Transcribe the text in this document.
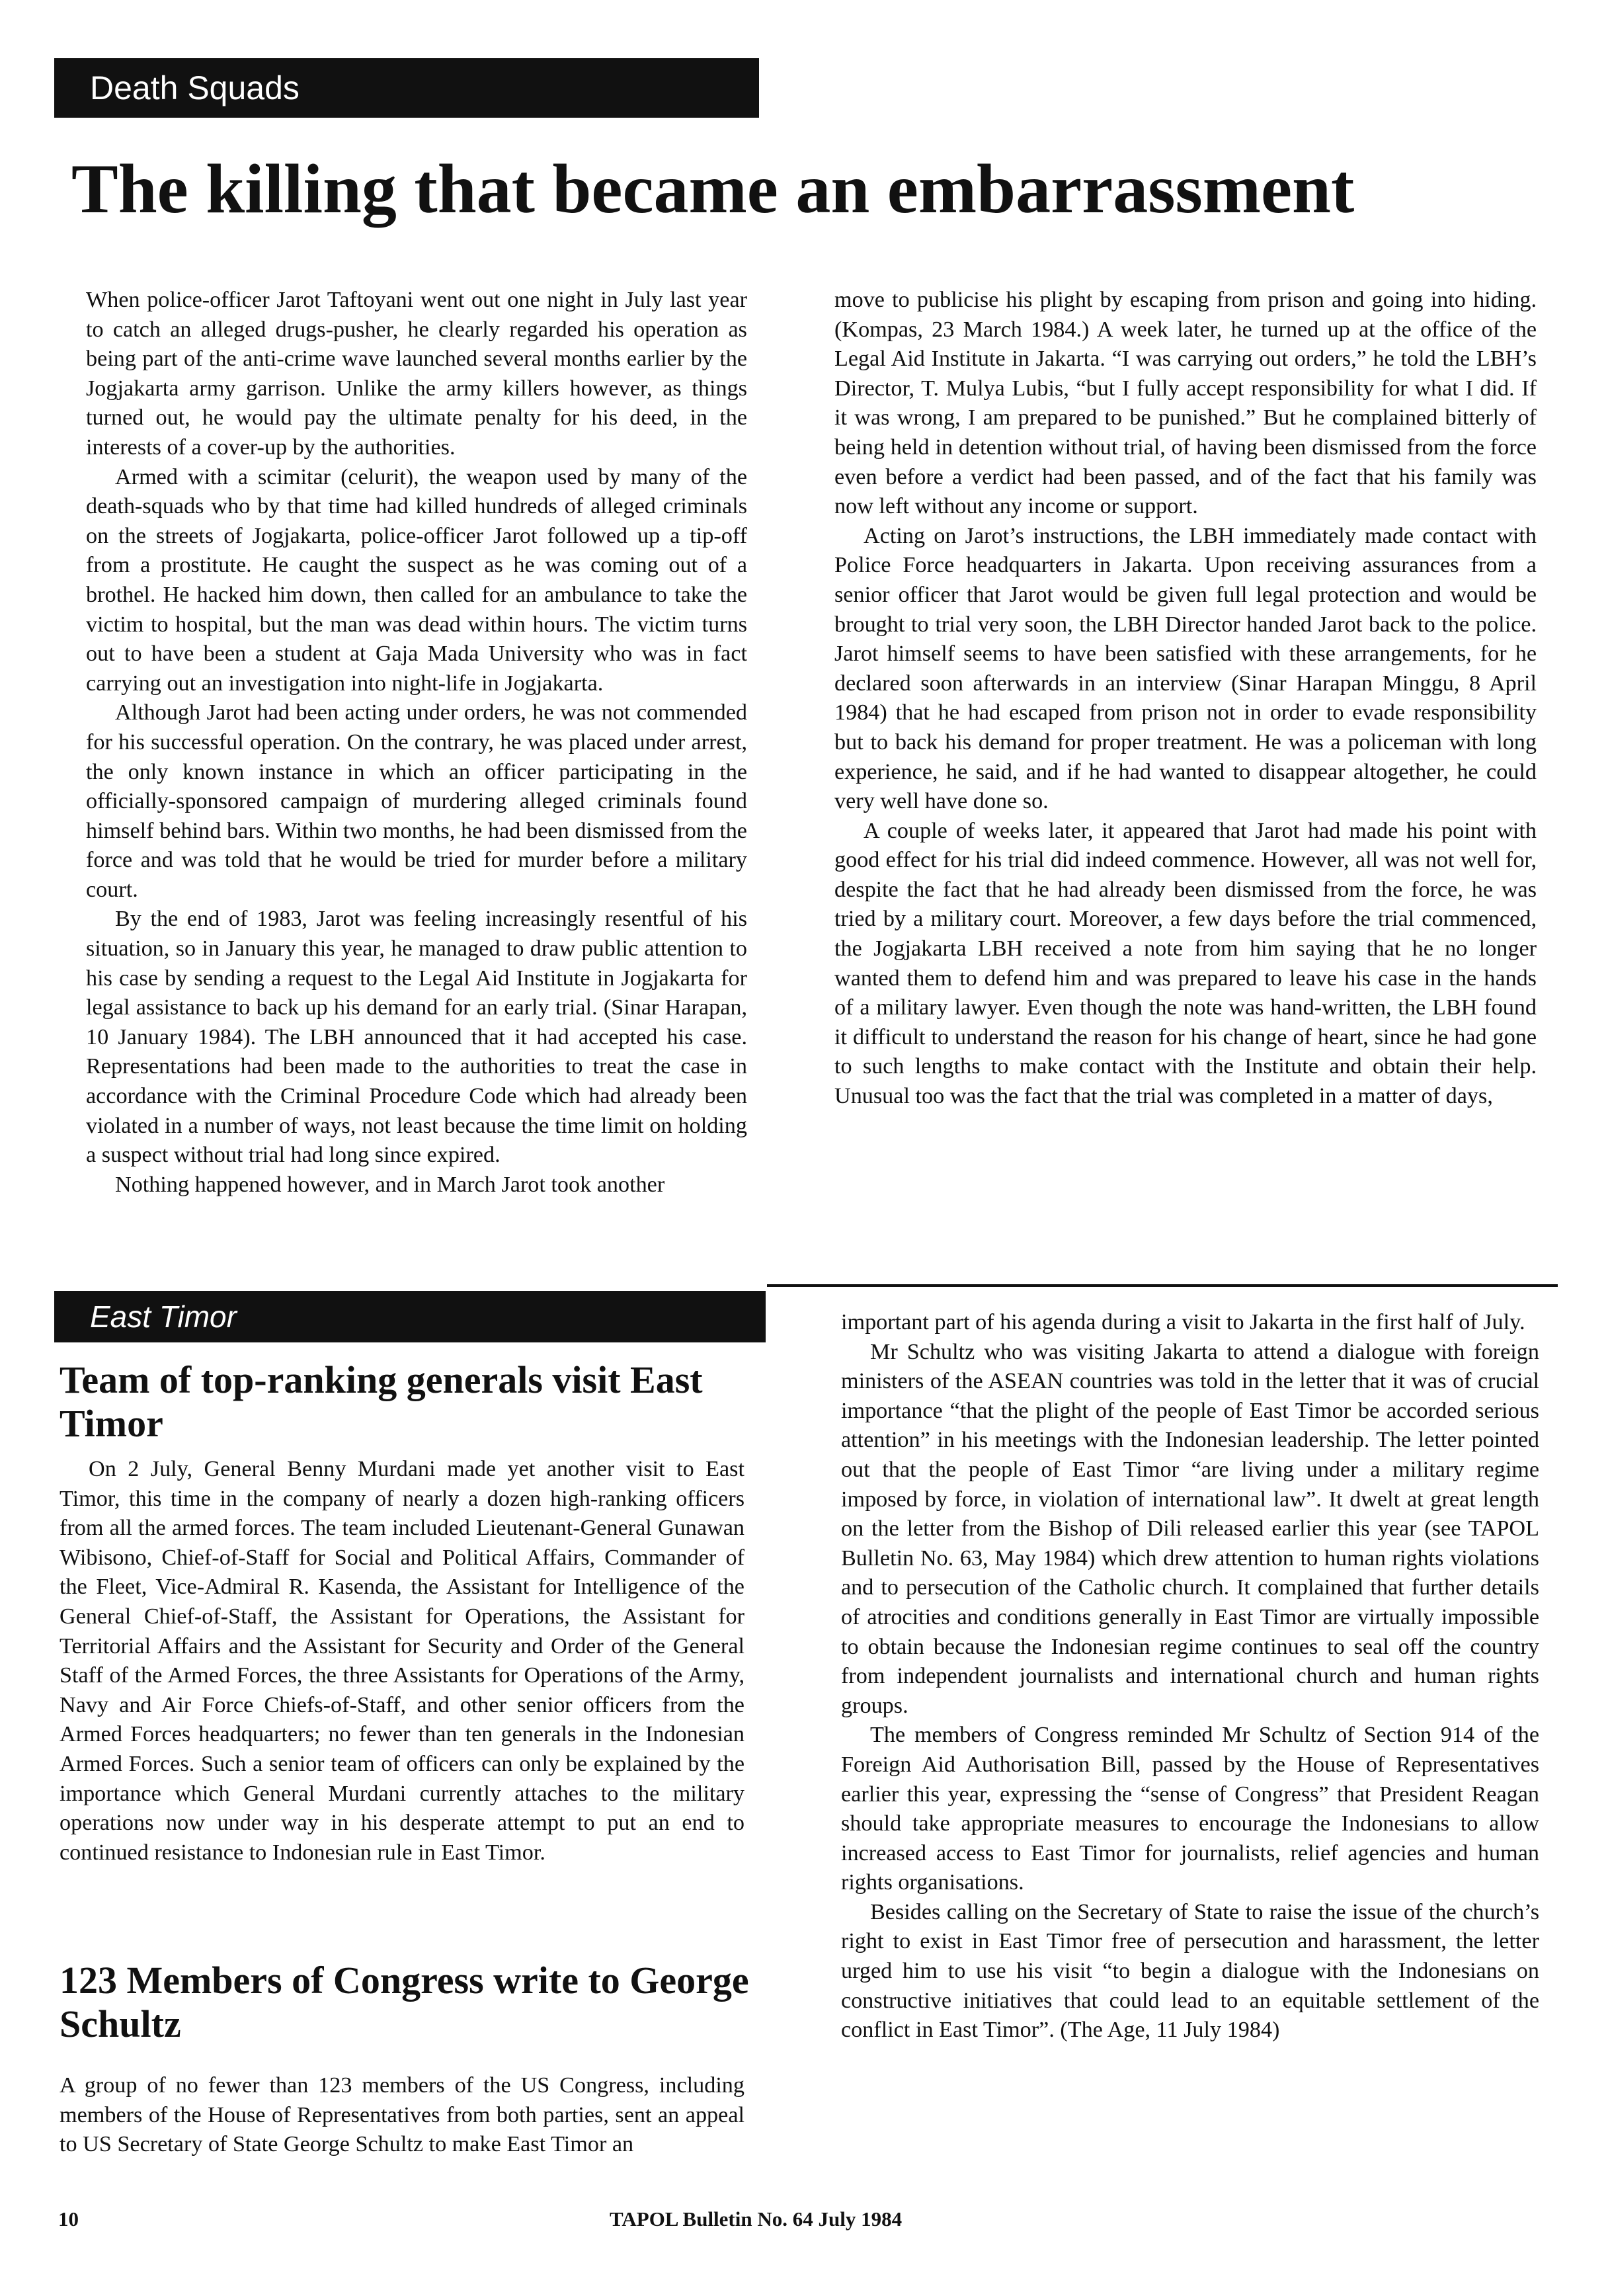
Death Squads
The killing that became an embarrassment

When police-officer Jarot Taftoyani went out one night in July last year to catch an alleged drugs-pusher, he clearly regarded his operation as being part of the anti-crime wave launched several months earlier by the Jogjakarta army garrison. Unlike the army killers however, as things turned out, he would pay the ultimate penalty for his deed, in the interests of a cover-up by the authorities.

Armed with a scimitar (celurit), the weapon used by many of the death-squads who by that time had killed hundreds of alleged criminals on the streets of Jogjakarta, police-officer Jarot followed up a tip-off from a prostitute. He caught the suspect as he was coming out of a brothel. He hacked him down, then called for an ambulance to take the victim to hospital, but the man was dead within hours. The victim turns out to have been a student at Gaja Mada University who was in fact carrying out an investigation into night-life in Jogjakarta.

Although Jarot had been acting under orders, he was not commended for his successful operation. On the contrary, he was placed under arrest, the only known instance in which an officer participating in the officially-sponsored campaign of murdering alleged criminals found himself behind bars. Within two months, he had been dismissed from the force and was told that he would be tried for murder before a military court.

By the end of 1983, Jarot was feeling increasingly resentful of his situation, so in January this year, he managed to draw public attention to his case by sending a request to the Legal Aid Institute in Jogjakarta for legal assistance to back up his demand for an early trial. (Sinar Harapan, 10 January 1984). The LBH announced that it had accepted his case. Representations had been made to the authorities to treat the case in accordance with the Criminal Procedure Code which had already been violated in a number of ways, not least because the time limit on holding a suspect without trial had long since expired.

Nothing happened however, and in March Jarot took another

move to publicise his plight by escaping from prison and going into hiding. (Kompas, 23 March 1984.) A week later, he turned up at the office of the Legal Aid Institute in Jakarta. “I was carrying out orders,” he told the LBH’s Director, T. Mulya Lubis, “but I fully accept responsibility for what I did. If it was wrong, I am prepared to be punished.” But he complained bitterly of being held in detention without trial, of having been dismissed from the force even before a verdict had been passed, and of the fact that his family was now left without any income or support.

Acting on Jarot’s instructions, the LBH immediately made contact with Police Force headquarters in Jakarta. Upon receiving assurances from a senior officer that Jarot would be given full legal protection and would be brought to trial very soon, the LBH Director handed Jarot back to the police. Jarot himself seems to have been satisfied with these arrangements, for he declared soon afterwards in an interview (Sinar Harapan Minggu, 8 April 1984) that he had escaped from prison not in order to evade responsibility but to back his demand for proper treatment. He was a policeman with long experience, he said, and if he had wanted to disappear altogether, he could very well have done so.

A couple of weeks later, it appeared that Jarot had made his point with good effect for his trial did indeed commence. However, all was not well for, despite the fact that he had already been dismissed from the force, he was tried by a military court. Moreover, a few days before the trial commenced, the Jogjakarta LBH received a note from him saying that he no longer wanted them to defend him and was prepared to leave his case in the hands of a military lawyer. Even though the note was hand-written, the LBH found it difficult to understand the reason for his change of heart, since he had gone to such lengths to make contact with the Institute and obtain their help. Unusual too was the fact that the trial was completed in a matter of days,

East Timor
Team of top-ranking generals visit East Timor

On 2 July, General Benny Murdani made yet another visit to East Timor, this time in the company of nearly a dozen high-ranking officers from all the armed forces. The team included Lieutenant-General Gunawan Wibisono, Chief-of-Staff for Social and Political Affairs, Commander of the Fleet, Vice-Admiral R. Kasenda, the Assistant for Intelligence of the General Chief-of-Staff, the Assistant for Operations, the Assistant for Territorial Affairs and the Assistant for Security and Order of the General Staff of the Armed Forces, the three Assistants for Operations of the Army, Navy and Air Force Chiefs-of-Staff, and other senior officers from the Armed Forces headquarters; no fewer than ten generals in the Indonesian Armed Forces. Such a senior team of officers can only be explained by the importance which General Murdani currently attaches to the military operations now under way in his desperate attempt to put an end to continued resistance to Indonesian rule in East Timor.

123 Members of Congress write to George Schultz

A group of no fewer than 123 members of the US Congress, including members of the House of Representatives from both parties, sent an appeal to US Secretary of State George Schultz to make East Timor an

important part of his agenda during a visit to Jakarta in the first half of July.

Mr Schultz who was visiting Jakarta to attend a dialogue with foreign ministers of the ASEAN countries was told in the letter that it was of crucial importance “that the plight of the people of East Timor be accorded serious attention” in his meetings with the Indonesian leadership. The letter pointed out that the people of East Timor “are living under a military regime imposed by force, in violation of international law”. It dwelt at great length on the letter from the Bishop of Dili released earlier this year (see TAPOL Bulletin No. 63, May 1984) which drew attention to human rights violations and to persecution of the Catholic church. It complained that further details of atrocities and conditions generally in East Timor are virtually impossible to obtain because the Indonesian regime continues to seal off the country from independent journalists and international church and human rights groups.

The members of Congress reminded Mr Schultz of Section 914 of the Foreign Aid Authorisation Bill, passed by the House of Representatives earlier this year, expressing the “sense of Congress” that President Reagan should take appropriate measures to encourage the Indonesians to allow increased access to East Timor for journalists, relief agencies and human rights organisations.

Besides calling on the Secretary of State to raise the issue of the church’s right to exist in East Timor free of persecution and harassment, the letter urged him to use his visit “to begin a dialogue with the Indonesians on constructive initiatives that could lead to an equitable settlement of the conflict in East Timor”. (The Age, 11 July 1984)

10	TAPOL Bulletin No. 64 July 1984
